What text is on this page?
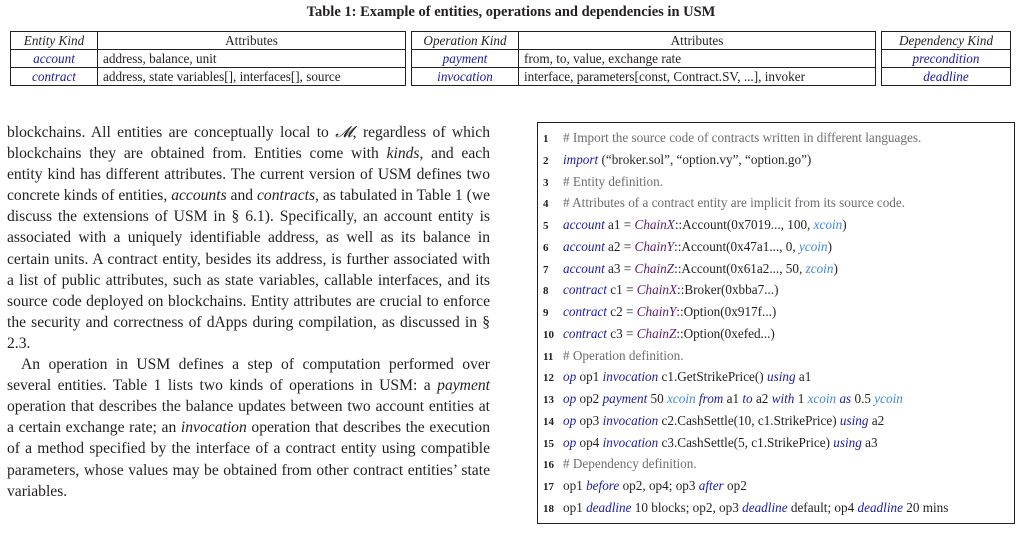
Table 1: Example of entities, operations and dependencies in USM
Entity Kind	Attributes
account	address, balance, unit
contract	address, state variables[], interfaces[], source
Operation Kind	Attributes
payment	from, to, value, exchange rate
invocation	interface, parameters[const, Contract.SV, ...], invoker
Dependency Kind
precondition
deadline

blockchains. All entities are conceptually local to 𝓜, regardless of which blockchains they are obtained from. Entities come with kinds, and each entity kind has different attributes. The current version of USM defines two concrete kinds of entities, accounts and contracts, as tabulated in Table 1 (we discuss the extensions of USM in § 6.1). Specifically, an account entity is associated with a uniquely identifiable address, as well as its balance in certain units. A contract entity, besides its address, is further associated with a list of public attributes, such as state variables, callable interfaces, and its source code deployed on blockchains. Entity attributes are crucial to enforce the security and correctness of dApps during compilation, as discussed in § 2.3.

An operation in USM defines a step of computation performed over several entities. Table 1 lists two kinds of operations in USM: a payment operation that describes the balance updates between two account entities at a certain exchange rate; an invocation operation that describes the execution of a method specified by the interface of a contract entity using compatible parameters, whose values may be obtained from other contract entities’ state variables.

1 # Import the source code of contracts written in different languages.
2 import (“broker.sol”, “option.vy”, “option.go”)
3 # Entity definition.
4 # Attributes of a contract entity are implicit from its source code.
5 account a1 = ChainX::Account(0x7019..., 100, xcoin)
6 account a2 = ChainY::Account(0x47a1..., 0, ycoin)
7 account a3 = ChainZ::Account(0x61a2..., 50, zcoin)
8 contract c1 = ChainX::Broker(0xbba7...)
9 contract c2 = ChainY::Option(0x917f...)
10 contract c3 = ChainZ::Option(0xefed...)
11 # Operation definition.
12 op op1 invocation c1.GetStrikePrice() using a1
13 op op2 payment 50 xcoin from a1 to a2 with 1 xcoin as 0.5 ycoin
14 op op3 invocation c2.CashSettle(10, c1.StrikePrice) using a2
15 op op4 invocation c3.CashSettle(5, c1.StrikePrice) using a3
16 # Dependency definition.
17 op1 before op2, op4; op3 after op2
18 op1 deadline 10 blocks; op2, op3 deadline default; op4 deadline 20 mins
